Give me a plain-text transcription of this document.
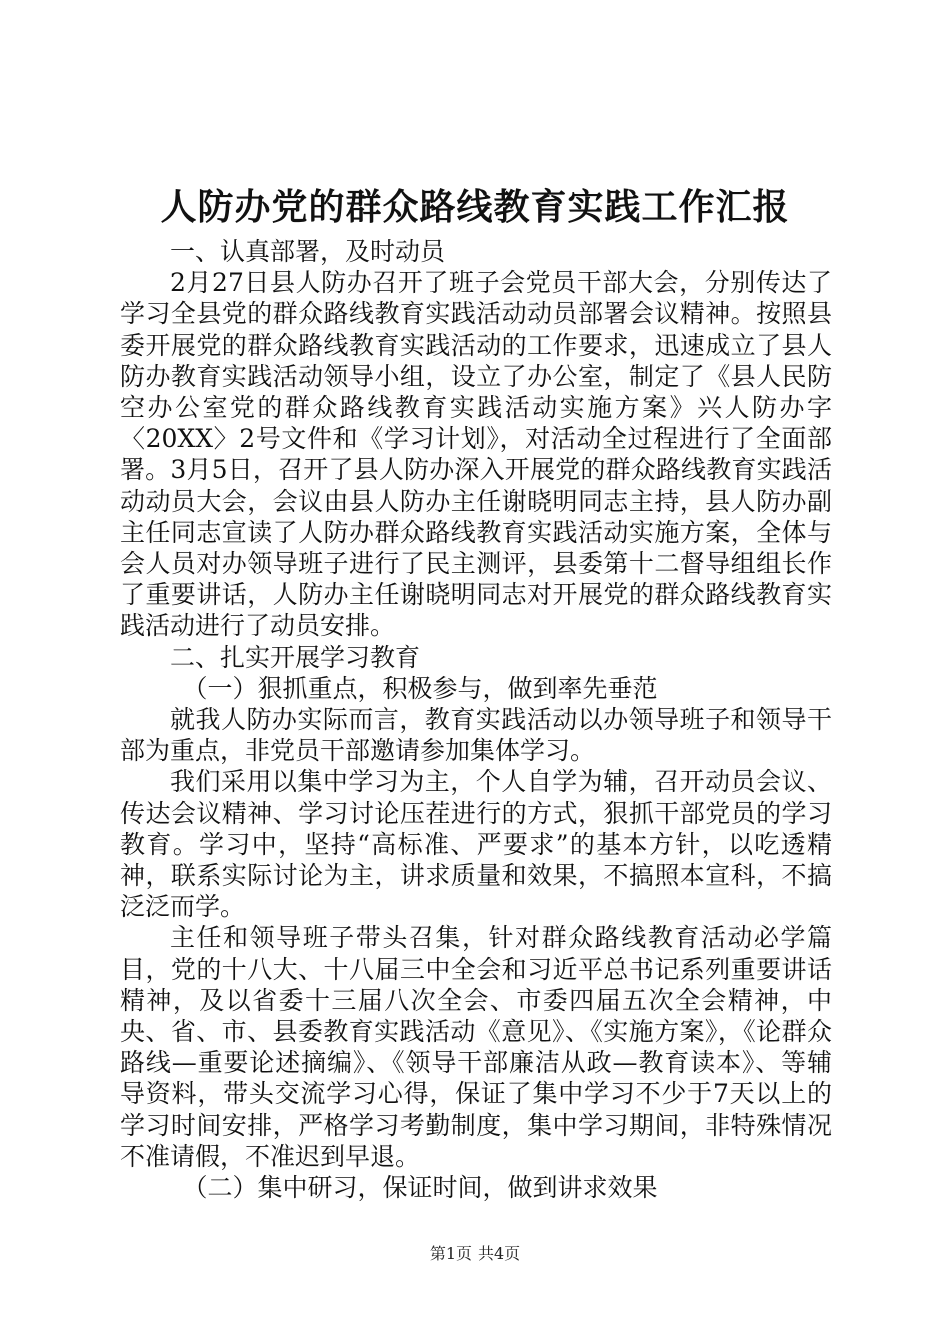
人防办党的群众路线教育实践工作汇报

一、认真部署，及时动员

2月27日县人防办召开了班子会党员干部大会，分别传达了学习全县党的群众路线教育实践活动动员部署会议精神。按照县委开展党的群众路线教育实践活动的工作要求，迅速成立了县人防办教育实践活动领导小组，设立了办公室，制定了《县人民防空办公室党的群众路线教育实践活动实施方案》兴人防办字〈20XX〉2号文件和《学习计划》，对活动全过程进行了全面部署。3月5日，召开了县人防办深入开展党的群众路线教育实践活动动员大会，会议由县人防办主任谢晓明同志主持，县人防办副主任同志宣读了人防办群众路线教育实践活动实施方案，全体与会人员对办领导班子进行了民主测评，县委第十二督导组组长作了重要讲话，人防办主任谢晓明同志对开展党的群众路线教育实践活动进行了动员安排。

二、扎实开展学习教育

（一）狠抓重点，积极参与，做到率先垂范

就我人防办实际而言，教育实践活动以办领导班子和领导干部为重点，非党员干部邀请参加集体学习。

我们采用以集中学习为主，个人自学为辅，召开动员会议、传达会议精神、学习讨论压茬进行的方式，狠抓干部党员的学习教育。学习中，坚持“高标准、严要求”的基本方针，以吃透精神，联系实际讨论为主，讲求质量和效果，不搞照本宣科，不搞泛泛而学。

主任和领导班子带头召集，针对群众路线教育活动必学篇目，党的十八大、十八届三中全会和习近平总书记系列重要讲话精神，及以省委十三届八次全会、市委四届五次全会精神，中央、省、市、县委教育实践活动《意见》、《实施方案》，《论群众路线—重要论述摘编》、《领导干部廉洁从政—教育读本》、等辅导资料，带头交流学习心得，保证了集中学习不少于7天以上的学习时间安排，严格学习考勤制度，集中学习期间，非特殊情况不准请假，不准迟到早退。

（二）集中研习，保证时间，做到讲求效果

第1页 共4页
